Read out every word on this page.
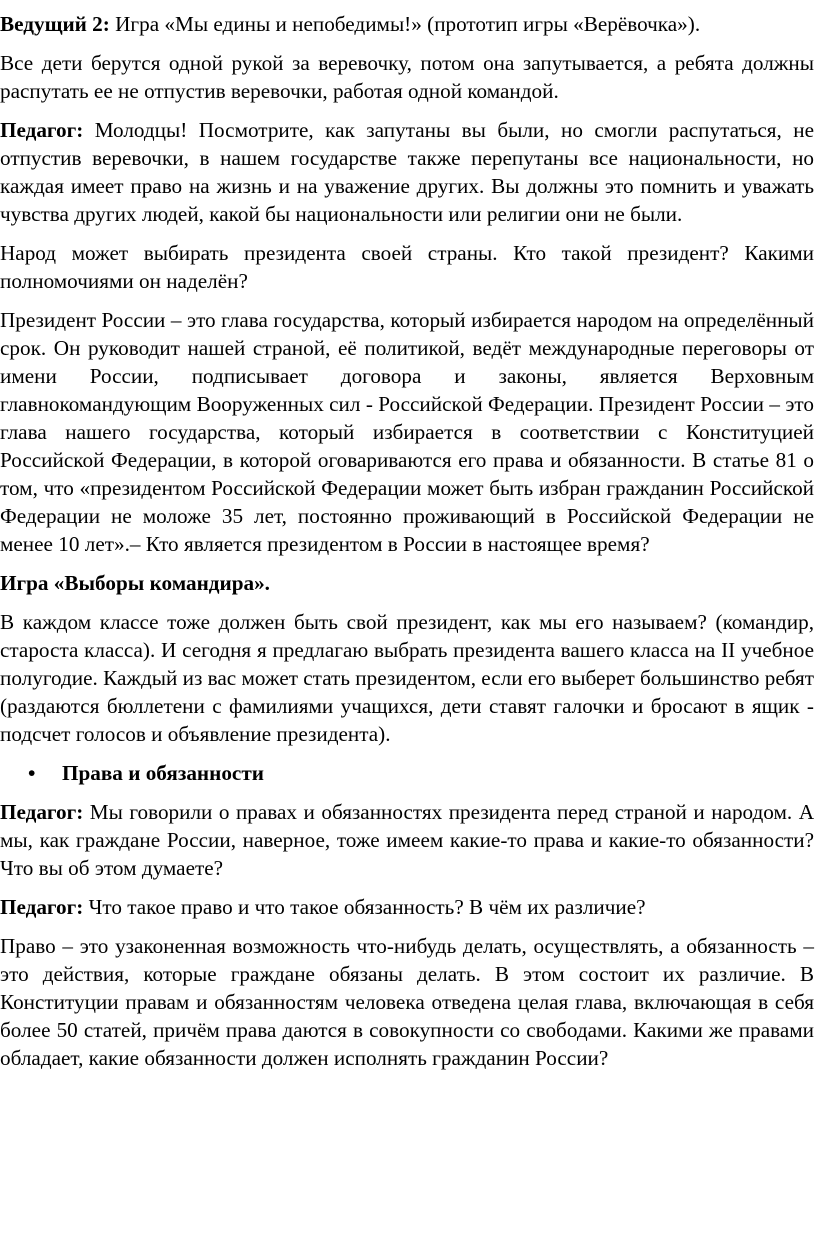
Ведущий 2: Игра «Мы едины и непобедимы!» (прототип игры «Верёвочка»).

Все дети берутся одной рукой за веревочку, потом она запутывается, а ребята должны распутать ее не отпустив веревочки, работая одной командой.

Педагог: Молодцы! Посмотрите, как запутаны вы были, но смогли распутаться, не отпустив веревочки, в нашем государстве также перепутаны все национальности, но каждая имеет право на жизнь и на уважение других. Вы должны это помнить и уважать чувства других людей, какой бы национальности или религии они не были.

Народ может выбирать президента своей страны. Кто такой президент? Какими полномочиями он наделён?

Президент России – это глава государства, который избирается народом на определённый срок. Он руководит нашей страной, её политикой, ведёт международные переговоры от имени России, подписывает договора и законы, является Верховным главнокомандующим Вооруженных сил - Российской Федерации. Президент России – это глава нашего государства, который избирается в соответствии с Конституцией Российской Федерации, в которой оговариваются его права и обязанности. В статье 81 о том, что «президентом Российской Федерации может быть избран гражданин Российской Федерации не моложе 35 лет, постоянно проживающий в Российской Федерации не менее 10 лет».– Кто является президентом в России в настоящее время?

Игра «Выборы командира».

В каждом классе тоже должен быть свой президент, как мы его называем? (командир, староста класса). И сегодня я предлагаю выбрать президента вашего класса на II учебное полугодие. Каждый из вас может стать президентом, если его выберет большинство ребят (раздаются бюллетени с фамилиями учащихся, дети ставят галочки и бросают в ящик - подсчет голосов и объявление президента).

•	Права и обязанности

Педагог: Мы говорили о правах и обязанностях президента перед страной и народом. А мы, как граждане России, наверное, тоже имеем какие-то права и какие-то обязанности? Что вы об этом думаете?

Педагог: Что такое право и что такое обязанность? В чём их различие?

Право – это узаконенная возможность что-нибудь делать, осуществлять, а обязанность – это действия, которые граждане обязаны делать. В этом состоит их различие. В Конституции правам и обязанностям человека отведена целая глава, включающая в себя более 50 статей, причём права даются в совокупности со свободами. Какими же правами обладает, какие обязанности должен исполнять гражданин России?
